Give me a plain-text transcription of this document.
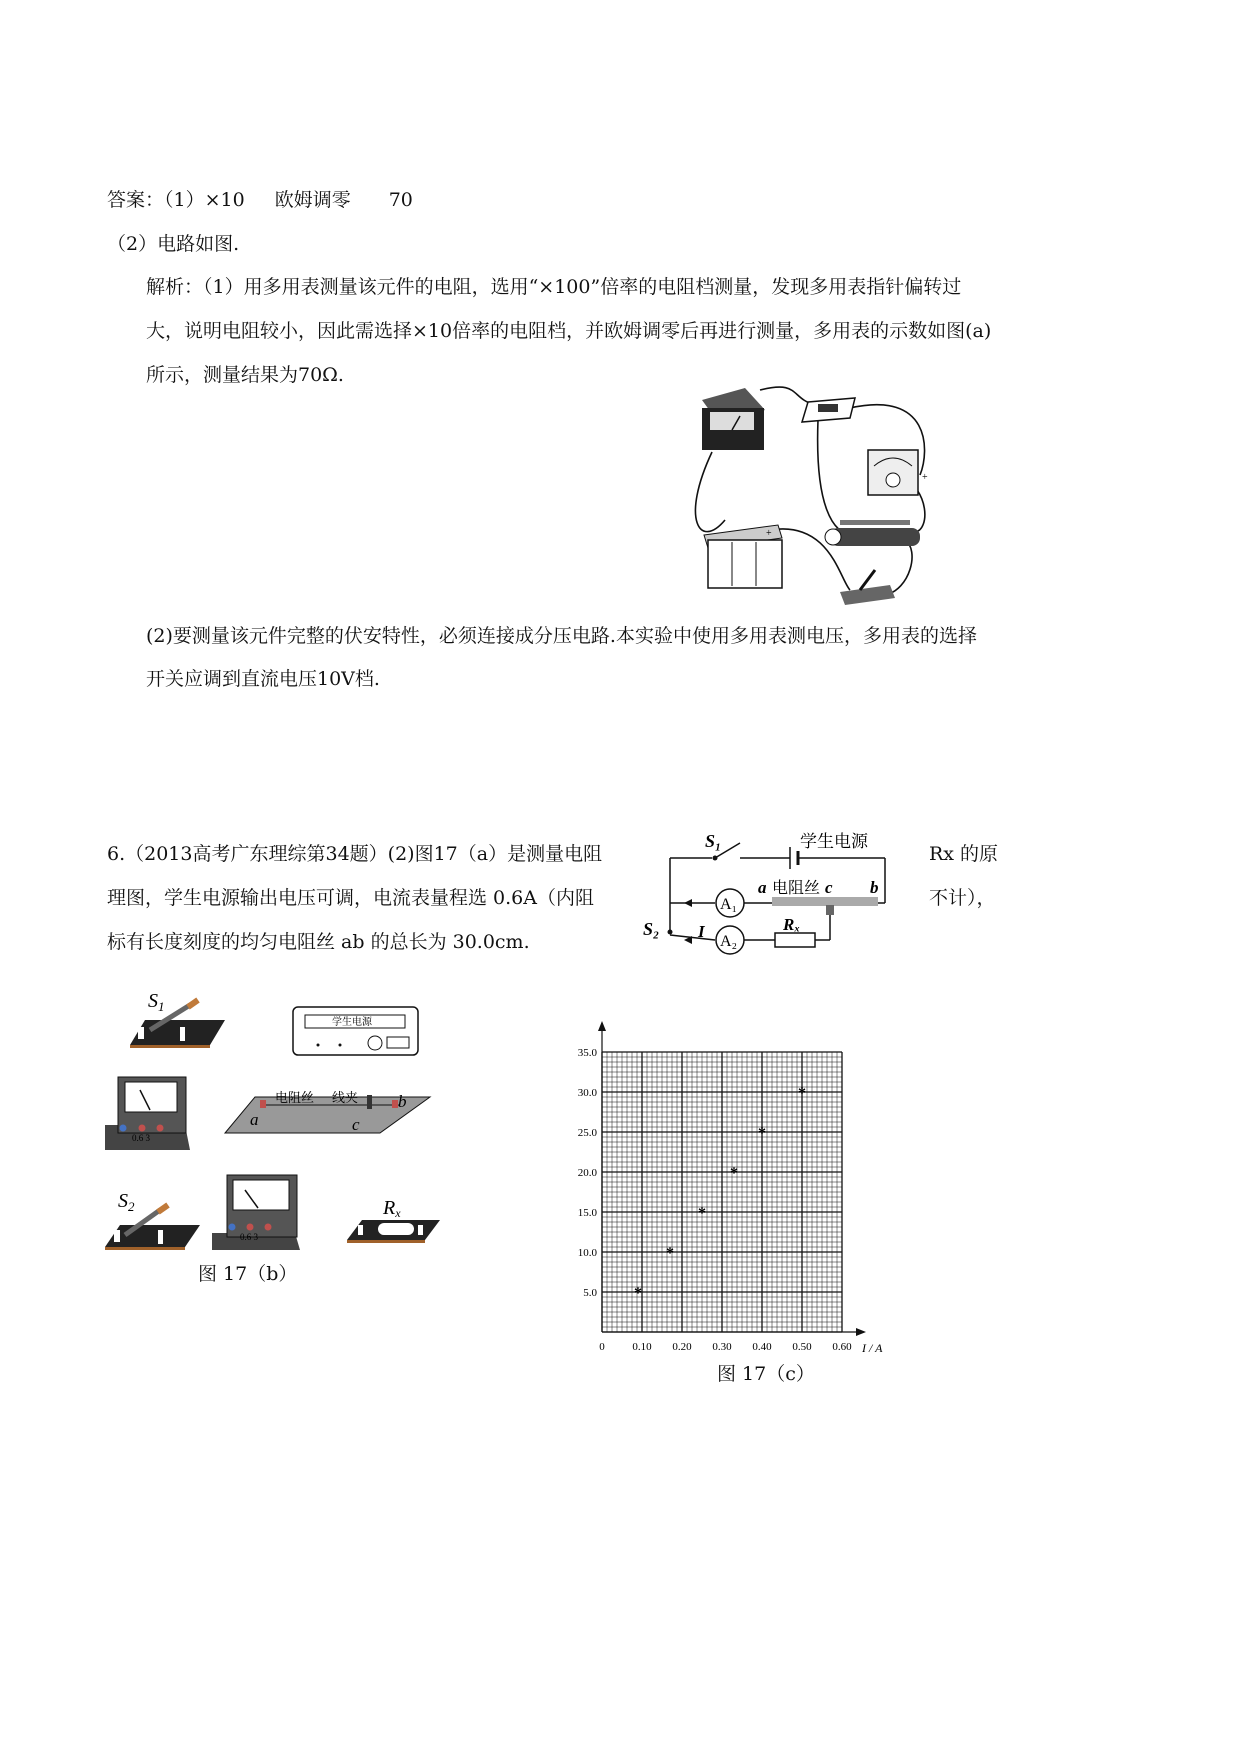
答案：（1）×10 欧姆调零 70
（2）电路如图.
解析：（1）用多用表测量该元件的电阻，选用“×100”倍率的电阻档测量，发现多用表指针偏转过
大，说明电阻较小，因此需选择×10倍率的电阻档，并欧姆调零后再进行测量，多用表的示数如图(a)
所示，测量结果为70Ω.
+
+
(2)要测量该元件完整的伏安特性，必须连接成分压电路.本实验中使用多用表测电压，多用表的选择
开关应调到直流电压10V档.
6.（2013高考广东理综第34题）(2)图17（a）是测量电阻	Rx 的原
理图，学生电源输出电压可调，电流表量程选 0.6A（内阻	不计），
标有长度刻度的均匀电阻丝 ab 的总长为 30.0cm.
S₁	学生电源
A₁
a 电阻丝 c b
S₂ I
A₂
Rₓ
$S_1$
学生电源
0.6 3
电阻丝 线夹
a
b
c
$S_2$
0.6 3
Rx
图 17（b）
0	0.10 0.20 0.30 0.40 0.50 0.60
5.0
10.0
15.0
20.0
25.0
30.0
35.0
I / A
*
*
*
*
*
*
图 17（c）
